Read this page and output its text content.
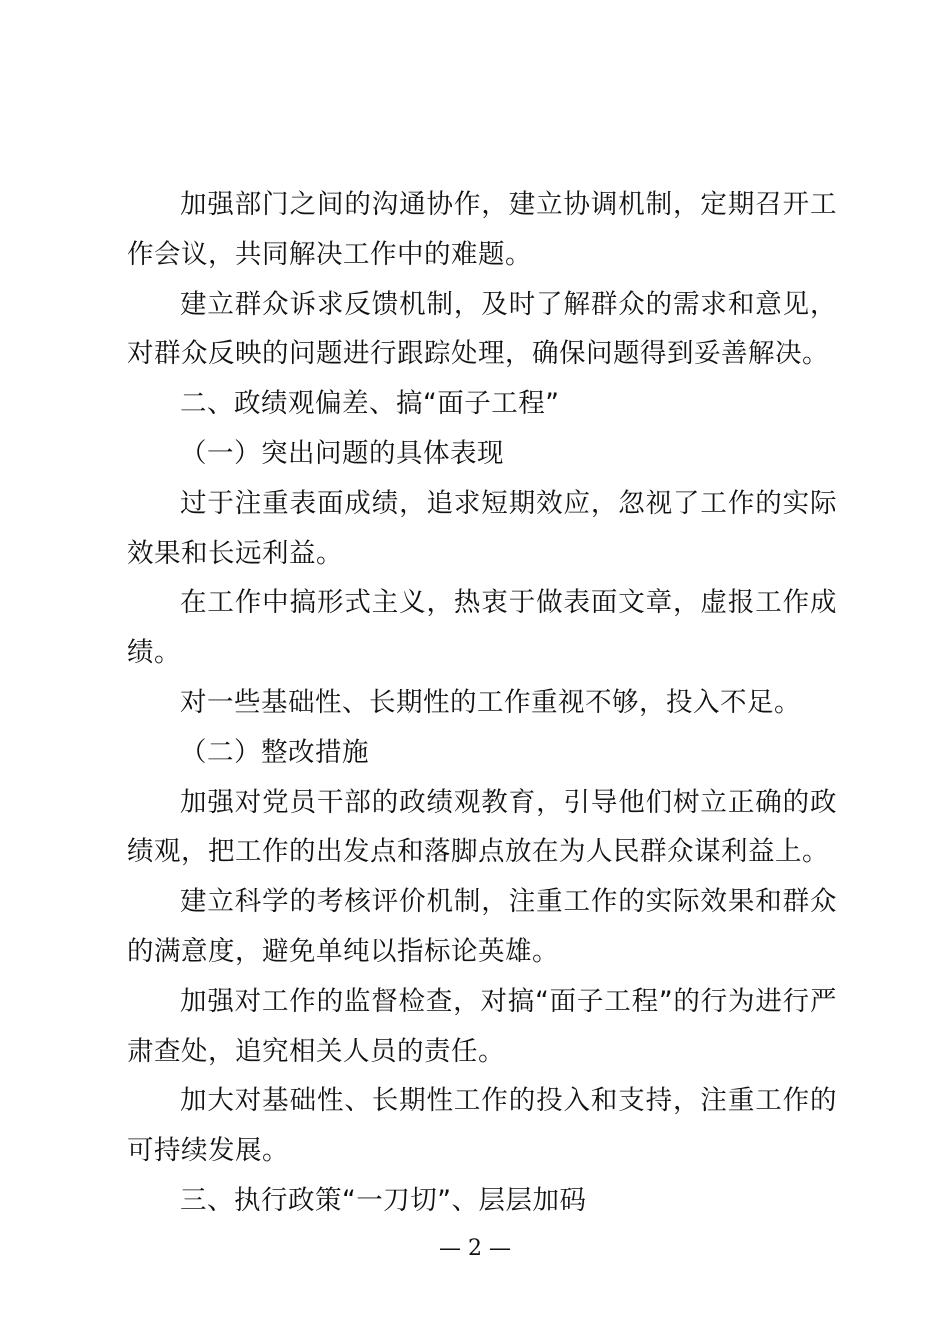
加强部门之间的沟通协作，建立协调机制，定期召开工作会议，共同解决工作中的难题。

建立群众诉求反馈机制，及时了解群众的需求和意见，对群众反映的问题进行跟踪处理，确保问题得到妥善解决。

二、政绩观偏差、搞“面子工程”

（一）突出问题的具体表现

过于注重表面成绩，追求短期效应，忽视了工作的实际效果和长远利益。

在工作中搞形式主义，热衷于做表面文章，虚报工作成绩。

对一些基础性、长期性的工作重视不够，投入不足。

（二）整改措施

加强对党员干部的政绩观教育，引导他们树立正确的政绩观，把工作的出发点和落脚点放在为人民群众谋利益上。

建立科学的考核评价机制，注重工作的实际效果和群众的满意度，避免单纯以指标论英雄。

加强对工作的监督检查，对搞“面子工程”的行为进行严肃查处，追究相关人员的责任。

加大对基础性、长期性工作的投入和支持，注重工作的可持续发展。

三、执行政策“一刀切”、层层加码

— 2 —
